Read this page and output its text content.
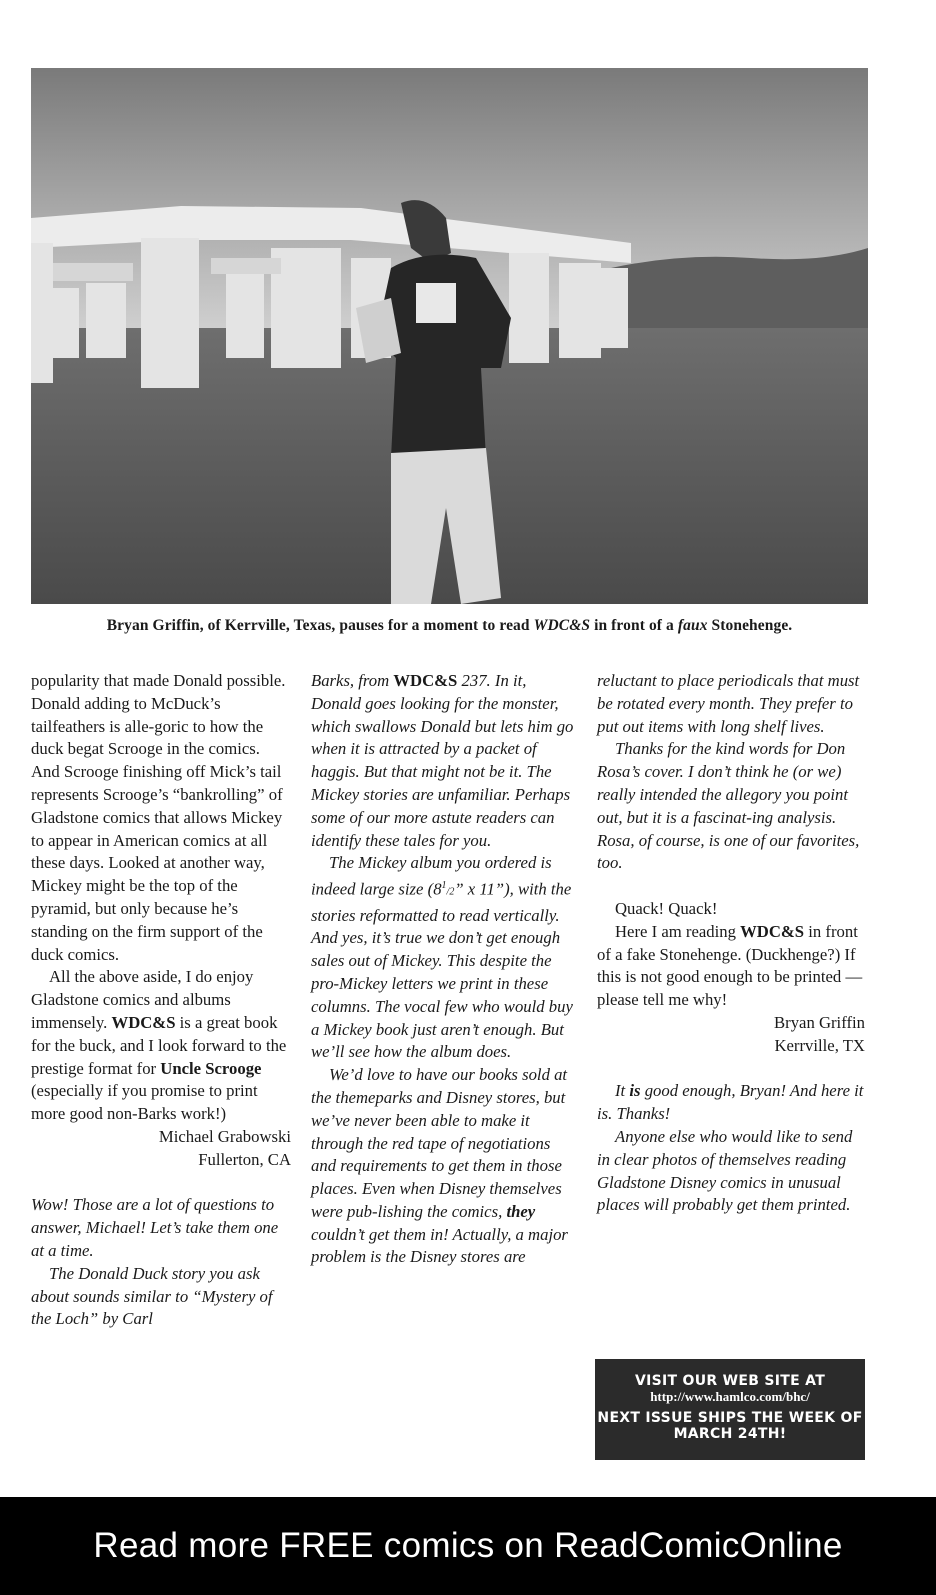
Bryan Griffin, of Kerrville, Texas, pauses for a moment to read WDC&S in front of a faux Stonehenge.

popularity that made Donald possible. Donald adding to McDuck’s tailfeathers is alle-goric to how the duck begat Scrooge in the comics. And Scrooge finishing off Mick’s tail represents Scrooge’s “bankrolling” of Gladstone comics that allows Mickey to appear in American comics at all these days. Looked at another way, Mickey might be the top of the pyramid, but only because he’s standing on the firm support of the duck comics.

All the above aside, I do enjoy Gladstone comics and albums immensely. WDC&S is a great book for the buck, and I look forward to the prestige format for Uncle Scrooge (especially if you promise to print more good non-Barks work!)

Michael Grabowski

Fullerton, CA

Wow! Those are a lot of questions to answer, Michael! Let’s take them one at a time.

The Donald Duck story you ask about sounds similar to “Mystery of the Loch” by Carl

Barks, from WDC&S 237. In it, Donald goes looking for the monster, which swallows Donald but lets him go when it is attracted by a packet of haggis. But that might not be it. The Mickey stories are unfamiliar. Perhaps some of our more astute readers can identify these tales for you.

The Mickey album you ordered is indeed large size ($8^1/2$” x 11”), with the stories reformatted to read vertically. And yes, it’s true we don’t get enough sales out of Mickey. This despite the pro-Mickey letters we print in these columns. The vocal few who would buy a Mickey book just aren’t enough. But we’ll see how the album does.

We’d love to have our books sold at the themeparks and Disney stores, but we’ve never been able to make it through the red tape of negotiations and requirements to get them in those places. Even when Disney themselves were pub-lishing the comics, they couldn’t get them in! Actually, a major problem is the Disney stores are

reluctant to place periodicals that must be rotated every month. They prefer to put out items with long shelf lives.

Thanks for the kind words for Don Rosa’s cover. I don’t think he (or we) really intended the allegory you point out, but it is a fascinat-ing analysis. Rosa, of course, is one of our favorites, too.

Quack! Quack!

Here I am reading WDC&S in front of a fake Stonehenge. (Duckhenge?) If this is not good enough to be printed — please tell me why!

Bryan Griffin

Kerrville, TX

It is good enough, Bryan! And here it is. Thanks!

Anyone else who would like to send in clear photos of themselves reading Gladstone Disney comics in unusual places will probably get them printed.

VISIT OUR WEB SITE AT
http://www.hamlco.com/bhc/
NEXT ISSUE SHIPS THE WEEK OF MARCH 24TH!
Read more FREE comics on ReadComicOnline
